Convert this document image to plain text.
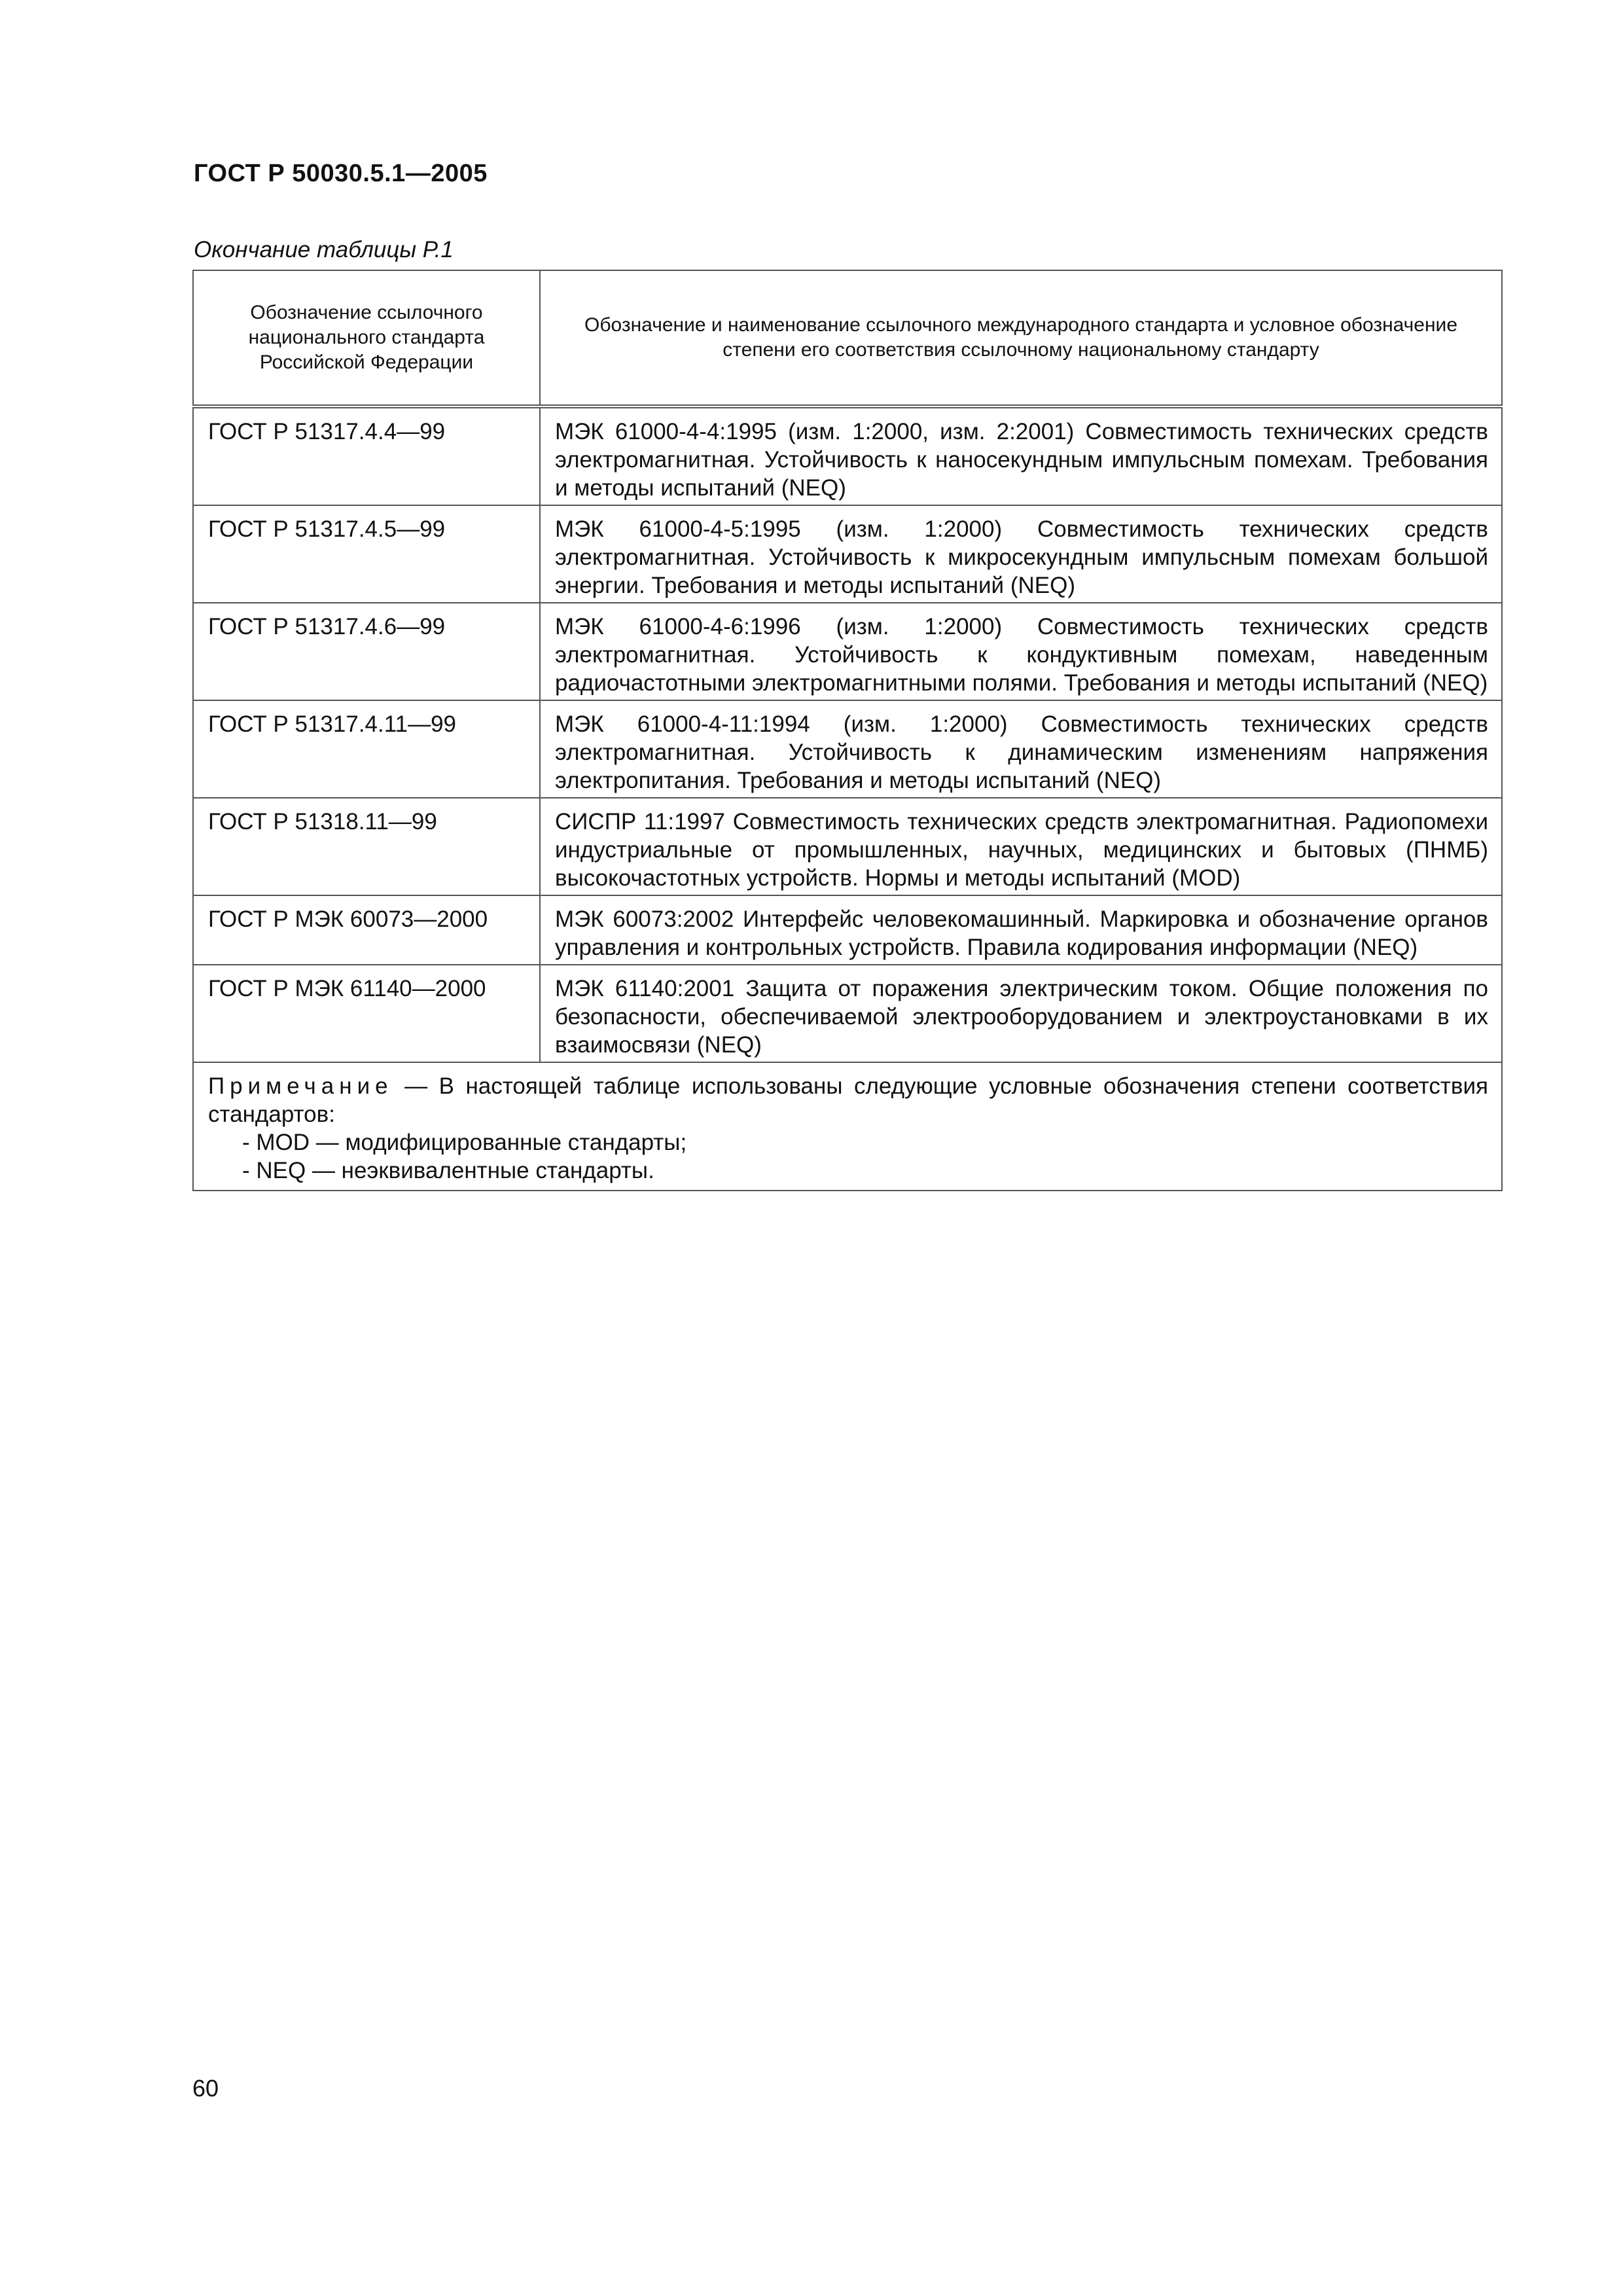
ГОСТ Р 50030.5.1—2005
Окончание таблицы Р.1
Обозначение ссылочного национального стандарта Российской Федерации	Обозначение и наименование ссылочного международного стандарта и условное обозначение степени его соответствия ссылочному национальному стандарту
ГОСТ Р 51317.4.4—99	МЭК 61000-4-4:1995 (изм. 1:2000, изм. 2:2001) Совместимость технических средств электромагнитная. Устойчивость к наносекундным импульсным помехам. Требования и методы испытаний (NEQ)
ГОСТ Р 51317.4.5—99	МЭК 61000-4-5:1995 (изм. 1:2000) Совместимость технических средств электромагнитная. Устойчивость к микросекундным импульсным помехам большой энергии. Требования и методы испытаний (NEQ)
ГОСТ Р 51317.4.6—99	МЭК 61000-4-6:1996 (изм. 1:2000) Совместимость технических средств электромагнитная. Устойчивость к кондуктивным помехам, наведенным радиочастотными электромагнитными полями. Требования и методы испытаний (NEQ)
ГОСТ Р 51317.4.11—99	МЭК 61000-4-11:1994 (изм. 1:2000) Совместимость технических средств электромагнитная. Устойчивость к динамическим изменениям напряжения электропитания. Требования и методы испытаний (NEQ)
ГОСТ Р 51318.11—99	СИСПР 11:1997 Совместимость технических средств электромагнитная. Радиопомехи индустриальные от промышленных, научных, медицинских и бытовых (ПНМБ) высокочастотных устройств. Нормы и методы испытаний (MOD)
ГОСТ Р МЭК 60073—2000	МЭК 60073:2002 Интерфейс человекомашинный. Маркировка и обозначение органов управления и контрольных устройств. Правила кодирования информации (NEQ)
ГОСТ Р МЭК 61140—2000	МЭК 61140:2001 Защита от поражения электрическим током. Общие положения по безопасности, обеспечиваемой электрооборудованием и электроустановками в их взаимосвязи (NEQ)
Примечание — В настоящей таблице использованы следующие условные обозначения степени соответствия стандартов:
- MOD — модифицированные стандарты;
- NEQ — неэквивалентные стандарты.	
60
